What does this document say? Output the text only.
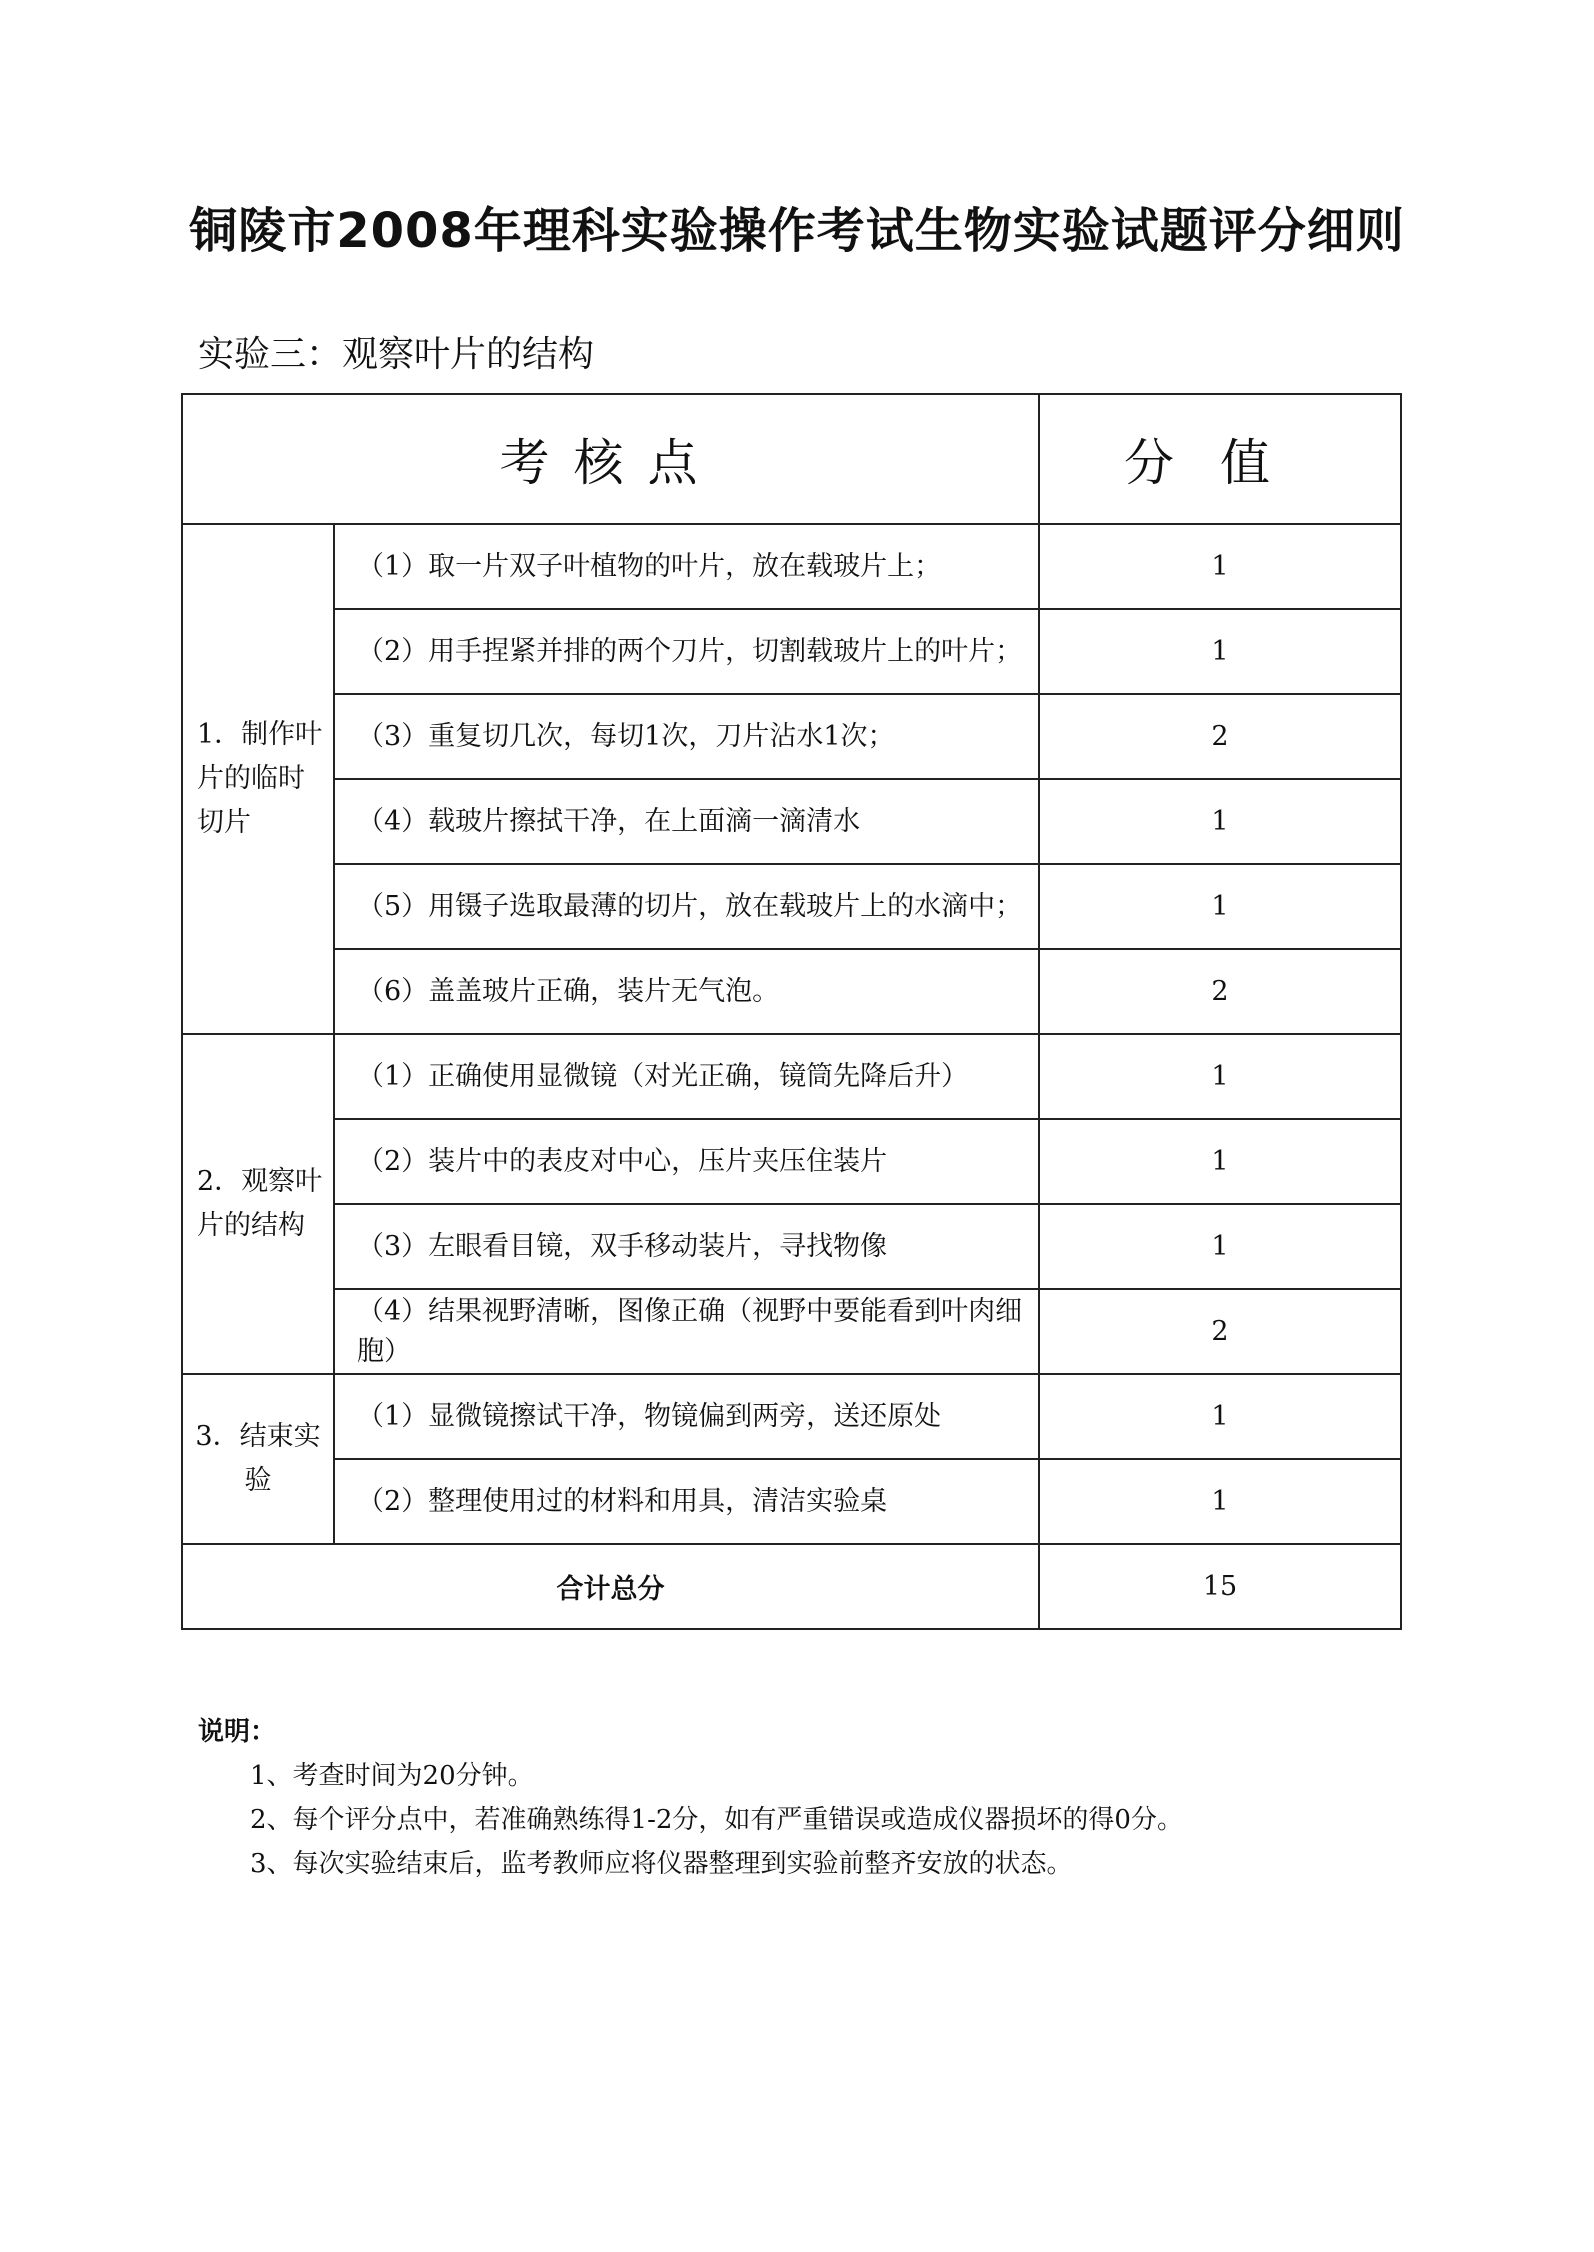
铜陵市2008年理科实验操作考试生物实验试题评分细则

实验三：观察叶片的结构

考核点		分值
1．制作叶片的临时切片	（1）取一片双子叶植物的叶片，放在载玻片上；	1
	（2）用手捏紧并排的两个刀片，切割载玻片上的叶片；	1
	（3）重复切几次，每切1次，刀片沾水1次；	2
	（4）载玻片擦拭干净，在上面滴一滴清水	1
	（5）用镊子选取最薄的切片，放在载玻片上的水滴中；	1
	（6）盖盖玻片正确，装片无气泡。	2
2．观察叶片的结构	（1）正确使用显微镜（对光正确，镜筒先降后升）	1
	（2）装片中的表皮对中心，压片夹压住装片	1
	（3）左眼看目镜，双手移动装片，寻找物像	1
	（4）结果视野清晰，图像正确（视野中要能看到叶肉细胞）	2
3．结束实验	（1）显微镜擦试干净，物镜偏到两旁，送还原处	1
	（2）整理使用过的材料和用具，清洁实验桌	1
合计总分		15

说明：

1、考查时间为20分钟。
2、每个评分点中，若准确熟练得1-2分，如有严重错误或造成仪器损坏的得0分。
3、每次实验结束后，监考教师应将仪器整理到实验前整齐安放的状态。
